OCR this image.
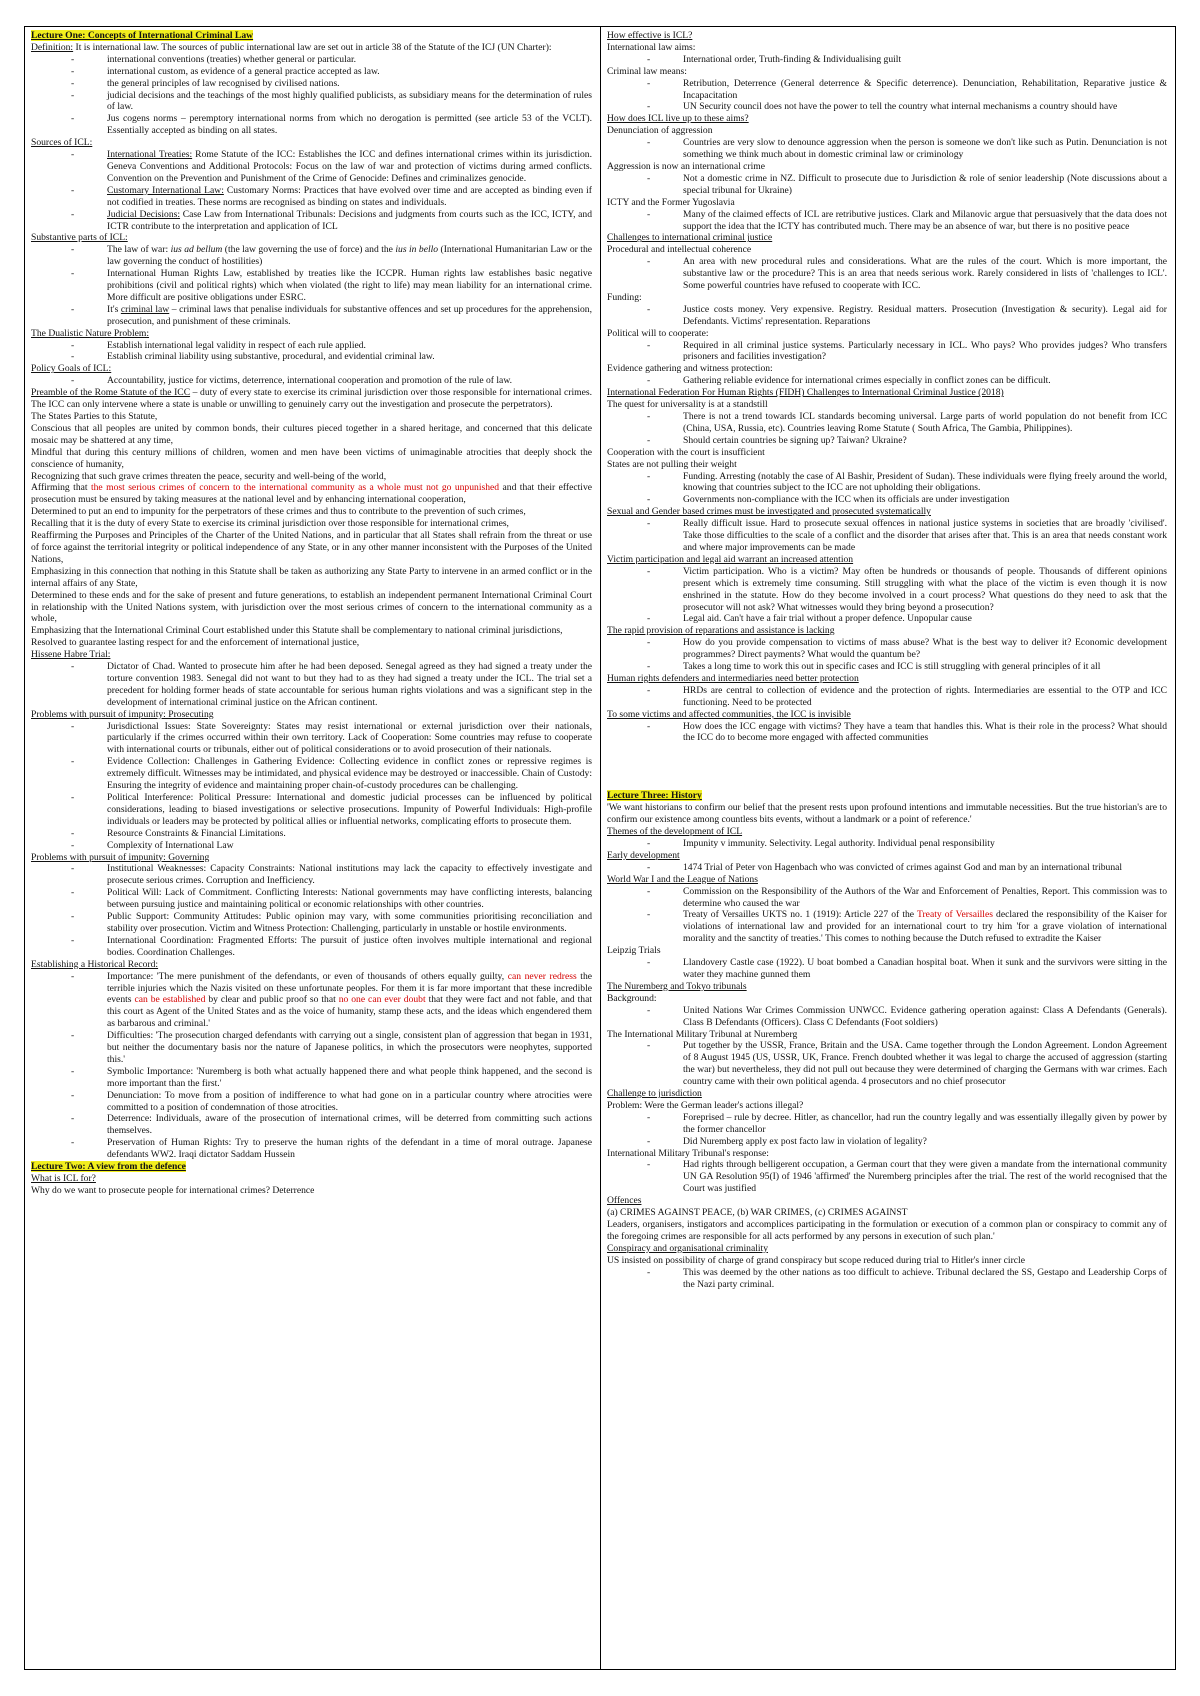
Lecture One: Concepts of International Criminal Law

Definition: It is international law. The sources of public international law are set out in article 38 of the Statute of the ICJ (UN Charter):

- international conventions (treaties) whether general or particular.
- international custom, as evidence of a general practice accepted as law.
- the general principles of law recognised by civilised nations.
- judicial decisions and the teachings of the most highly qualified publicists, as subsidiary means for the determination of rules of law.
- Jus cogens norms – peremptory international norms from which no derogation is permitted (see article 53 of the VCLT). Essentially accepted as binding on all states.

Sources of ICL:

- International Treaties: Rome Statute of the ICC: Establishes the ICC and defines international crimes within its jurisdiction. Geneva Conventions and Additional Protocols: Focus on the law of war and protection of victims during armed conflicts. Convention on the Prevention and Punishment of the Crime of Genocide: Defines and criminalizes genocide.
- Customary International Law: Customary Norms: Practices that have evolved over time and are accepted as binding even if not codified in treaties. These norms are recognised as binding on states and individuals.
- Judicial Decisions: Case Law from International Tribunals: Decisions and judgments from courts such as the ICC, ICTY, and ICTR contribute to the interpretation and application of ICL

Substantive parts of ICL:

- The law of war: ius ad bellum (the law governing the use of force) and the ius in bello (International Humanitarian Law or the law governing the conduct of hostilities)
- International Human Rights Law, established by treaties like the ICCPR. Human rights law establishes basic negative prohibitions (civil and political rights) which when violated (the right to life) may mean liability for an international crime. More difficult are positive obligations under ESRC.
- It's criminal law – criminal laws that penalise individuals for substantive offences and set up procedures for the apprehension, prosecution, and punishment of these criminals.

The Dualistic Nature Problem:

- Establish international legal validity in respect of each rule applied.
- Establish criminal liability using substantive, procedural, and evidential criminal law.

Policy Goals of ICL:

- Accountability, justice for victims, deterrence, international cooperation and promotion of the rule of law.

Preamble of the Rome Statute of the ICC – duty of every state to exercise its criminal jurisdiction over those responsible for international crimes. The ICC can only intervene where a state is unable or unwilling to genuinely carry out the investigation and prosecute the perpetrators).

The States Parties to this Statute,

Conscious that all peoples are united by common bonds, their cultures pieced together in a shared heritage, and concerned that this delicate mosaic may be shattered at any time,

Mindful that during this century millions of children, women and men have been victims of unimaginable atrocities that deeply shock the conscience of humanity,

Recognizing that such grave crimes threaten the peace, security and well-being of the world,

Affirming that the most serious crimes of concern to the international community as a whole must not go unpunished and that their effective prosecution must be ensured by taking measures at the national level and by enhancing international cooperation,

Determined to put an end to impunity for the perpetrators of these crimes and thus to contribute to the prevention of such crimes,

Recalling that it is the duty of every State to exercise its criminal jurisdiction over those responsible for international crimes,

Reaffirming the Purposes and Principles of the Charter of the United Nations, and in particular that all States shall refrain from the threat or use of force against the territorial integrity or political independence of any State, or in any other manner inconsistent with the Purposes of the United Nations,

Emphasizing in this connection that nothing in this Statute shall be taken as authorizing any State Party to intervene in an armed conflict or in the internal affairs of any State,

Determined to these ends and for the sake of present and future generations, to establish an independent permanent International Criminal Court in relationship with the United Nations system, with jurisdiction over the most serious crimes of concern to the international community as a whole,

Emphasizing that the International Criminal Court established under this Statute shall be complementary to national criminal jurisdictions,

Resolved to guarantee lasting respect for and the enforcement of international justice,

Hissene Habre Trial:

- Dictator of Chad. Wanted to prosecute him after he had been deposed. Senegal agreed as they had signed a treaty under the torture convention 1983. Senegal did not want to but they had to as they had signed a treaty under the ICL. The trial set a precedent for holding former heads of state accountable for serious human rights violations and was a significant step in the development of international criminal justice on the African continent.

Problems with pursuit of impunity: Prosecuting

- Jurisdictional Issues: State Sovereignty: States may resist international or external jurisdiction over their nationals, particularly if the crimes occurred within their own territory. Lack of Cooperation: Some countries may refuse to cooperate with international courts or tribunals, either out of political considerations or to avoid prosecution of their nationals.
- Evidence Collection: Challenges in Gathering Evidence: Collecting evidence in conflict zones or repressive regimes is extremely difficult. Witnesses may be intimidated, and physical evidence may be destroyed or inaccessible. Chain of Custody: Ensuring the integrity of evidence and maintaining proper chain-of-custody procedures can be challenging.
- Political Interference: Political Pressure: International and domestic judicial processes can be influenced by political considerations, leading to biased investigations or selective prosecutions. Impunity of Powerful Individuals: High-profile individuals or leaders may be protected by political allies or influential networks, complicating efforts to prosecute them.
- Resource Constraints & Financial Limitations.
- Complexity of International Law

Problems with pursuit of impunity: Governing

- Institutional Weaknesses: Capacity Constraints: National institutions may lack the capacity to effectively investigate and prosecute serious crimes. Corruption and Inefficiency.
- Political Will: Lack of Commitment. Conflicting Interests: National governments may have conflicting interests, balancing between pursuing justice and maintaining political or economic relationships with other countries.
- Public Support: Community Attitudes: Public opinion may vary, with some communities prioritising reconciliation and stability over prosecution. Victim and Witness Protection: Challenging, particularly in unstable or hostile environments.
- International Coordination: Fragmented Efforts: The pursuit of justice often involves multiple international and regional bodies. Coordination Challenges.

Establishing a Historical Record:

- Importance: 'The mere punishment of the defendants, or even of thousands of others equally guilty, can never redress the terrible injuries which the Nazis visited on these unfortunate peoples. For them it is far more important that these incredible events can be established by clear and public proof so that no one can ever doubt that they were fact and not fable, and that this court as Agent of the United States and as the voice of humanity, stamp these acts, and the ideas which engendered them as barbarous and criminal.'
- Difficulties: 'The prosecution charged defendants with carrying out a single, consistent plan of aggression that began in 1931, but neither the documentary basis nor the nature of Japanese politics, in which the prosecutors were neophytes, supported this.'
- Symbolic Importance: 'Nuremberg is both what actually happened there and what people think happened, and the second is more important than the first.'
- Denunciation: To move from a position of indifference to what had gone on in a particular country where atrocities were committed to a position of condemnation of those atrocities.
- Deterrence: Individuals, aware of the prosecution of international crimes, will be deterred from committing such actions themselves.
- Preservation of Human Rights: Try to preserve the human rights of the defendant in a time of moral outrage. Japanese defendants WW2. Iraqi dictator Saddam Hussein

Lecture Two: A view from the defence

What is ICL for?

Why do we want to prosecute people for international crimes? Deterrence

How effective is ICL?

International law aims:

- International order, Truth-finding & Individualising guilt

Criminal law means:

- Retribution, Deterrence (General deterrence & Specific deterrence). Denunciation, Rehabilitation, Reparative justice & Incapacitation
- UN Security council does not have the power to tell the country what internal mechanisms a country should have

How does ICL live up to these aims?

Denunciation of aggression

- Countries are very slow to denounce aggression when the person is someone we don't like such as Putin. Denunciation is not something we think much about in domestic criminal law or criminology

Aggression is now an international crime

- Not a domestic crime in NZ. Difficult to prosecute due to Jurisdiction & role of senior leadership (Note discussions about a special tribunal for Ukraine)

ICTY and the Former Yugoslavia

- Many of the claimed effects of ICL are retributive justices. Clark and Milanovic argue that persuasively that the data does not support the idea that the ICTY has contributed much. There may be an absence of war, but there is no positive peace

Challenges to international criminal justice

Procedural and intellectual coherence

- An area with new procedural rules and considerations. What are the rules of the court. Which is more important, the substantive law or the procedure? This is an area that needs serious work. Rarely considered in lists of 'challenges to ICL'. Some powerful countries have refused to cooperate with ICC.

Funding:

- Justice costs money. Very expensive. Registry. Residual matters. Prosecution (Investigation & security). Legal aid for Defendants. Victims' representation. Reparations

Political will to cooperate:

- Required in all criminal justice systems. Particularly necessary in ICL. Who pays? Who provides judges? Who transfers prisoners and facilities investigation?

Evidence gathering and witness protection:

- Gathering reliable evidence for international crimes especially in conflict zones can be difficult.

International Federation For Human Rights (FIDH) Challenges to International Criminal Justice (2018)

The quest for universality is at a standstill

- There is not a trend towards ICL standards becoming universal. Large parts of world population do not benefit from ICC (China, USA, Russia, etc). Countries leaving Rome Statute ( South Africa, The Gambia, Philippines).
- Should certain countries be signing up? Taiwan? Ukraine?

Cooperation with the court is insufficient

States are not pulling their weight

- Funding. Arresting (notably the case of Al Bashir, President of Sudan). These individuals were flying freely around the world, knowing that countries subject to the ICC are not upholding their obligations.
- Governments non-compliance with the ICC when its officials are under investigation

Sexual and Gender based crimes must be investigated and prosecuted systematically

- Really difficult issue. Hard to prosecute sexual offences in national justice systems in societies that are broadly 'civilised'. Take those difficulties to the scale of a conflict and the disorder that arises after that. This is an area that needs constant work and where major improvements can be made

Victim participation and legal aid warrant an increased attention

- Victim participation. Who is a victim? May often be hundreds or thousands of people. Thousands of different opinions present which is extremely time consuming. Still struggling with what the place of the victim is even though it is now enshrined in the statute. How do they become involved in a court process? What questions do they need to ask that the prosecutor will not ask? What witnesses would they bring beyond a prosecution?
- Legal aid. Can't have a fair trial without a proper defence. Unpopular cause

The rapid provision of reparations and assistance is lacking

- How do you provide compensation to victims of mass abuse? What is the best way to deliver it? Economic development programmes? Direct payments? What would the quantum be?
- Takes a long time to work this out in specific cases and ICC is still struggling with general principles of it all

Human rights defenders and intermediaries need better protection

- HRDs are central to collection of evidence and the protection of rights. Intermediaries are essential to the OTP and ICC functioning. Need to be protected

To some victims and affected communities, the ICC is invisible

- How does the ICC engage with victims? They have a team that handles this. What is their role in the process? What should the ICC do to become more engaged with affected communities

Lecture Three: History

'We want historians to confirm our belief that the present rests upon profound intentions and immutable necessities. But the true historian's are to confirm our existence among countless bits events, without a landmark or a point of reference.'

Themes of the development of ICL

- Impunity v immunity. Selectivity. Legal authority. Individual penal responsibility

Early development

- 1474 Trial of Peter von Hagenbach who was convicted of crimes against God and man by an international tribunal

World War I and the League of Nations

- Commission on the Responsibility of the Authors of the War and Enforcement of Penalties, Report. This commission was to determine who caused the war
- Treaty of Versailles UKTS no. 1 (1919): Article 227 of the Treaty of Versailles declared the responsibility of the Kaiser for violations of international law and provided for an international court to try him 'for a grave violation of international morality and the sanctity of treaties.' This comes to nothing because the Dutch refused to extradite the Kaiser

Leipzig Trials

- Llandovery Castle case (1922). U boat bombed a Canadian hospital boat. When it sunk and the survivors were sitting in the water they machine gunned them

The Nuremberg and Tokyo tribunals

Background:

- United Nations War Crimes Commission UNWCC. Evidence gathering operation against: Class A Defendants (Generals). Class B Defendants (Officers). Class C Defendants (Foot soldiers)

The International Military Tribunal at Nuremberg

- Put together by the USSR, France, Britain and the USA. Came together through the London Agreement. London Agreement of 8 August 1945 (US, USSR, UK, France. French doubted whether it was legal to charge the accused of aggression (starting the war) but nevertheless, they did not pull out because they were determined of charging the Germans with war crimes. Each country came with their own political agenda. 4 prosecutors and no chief prosecutor

Challenge to jurisdiction

Problem: Were the German leader's actions illegal?

- Foreprised – rule by decree. Hitler, as chancellor, had run the country legally and was essentially illegally given by power by the former chancellor
- Did Nuremberg apply ex post facto law in violation of legality?

International Military Tribunal's response:

- Had rights through belligerent occupation, a German court that they were given a mandate from the international community UN GA Resolution 95(I) of 1946 'affirmed' the Nuremberg principles after the trial. The rest of the world recognised that the Court was justified

Offences

(a) CRIMES AGAINST PEACE, (b) WAR CRIMES, (c) CRIMES AGAINST

Leaders, organisers, instigators and accomplices participating in the formulation or execution of a common plan or conspiracy to commit any of the foregoing crimes are responsible for all acts performed by any persons in execution of such plan.'

Conspiracy and organisational criminality

US insisted on possibility of charge of grand conspiracy but scope reduced during trial to Hitler's inner circle

- This was deemed by the other nations as too difficult to achieve. Tribunal declared the SS, Gestapo and Leadership Corps of the Nazi party criminal.
